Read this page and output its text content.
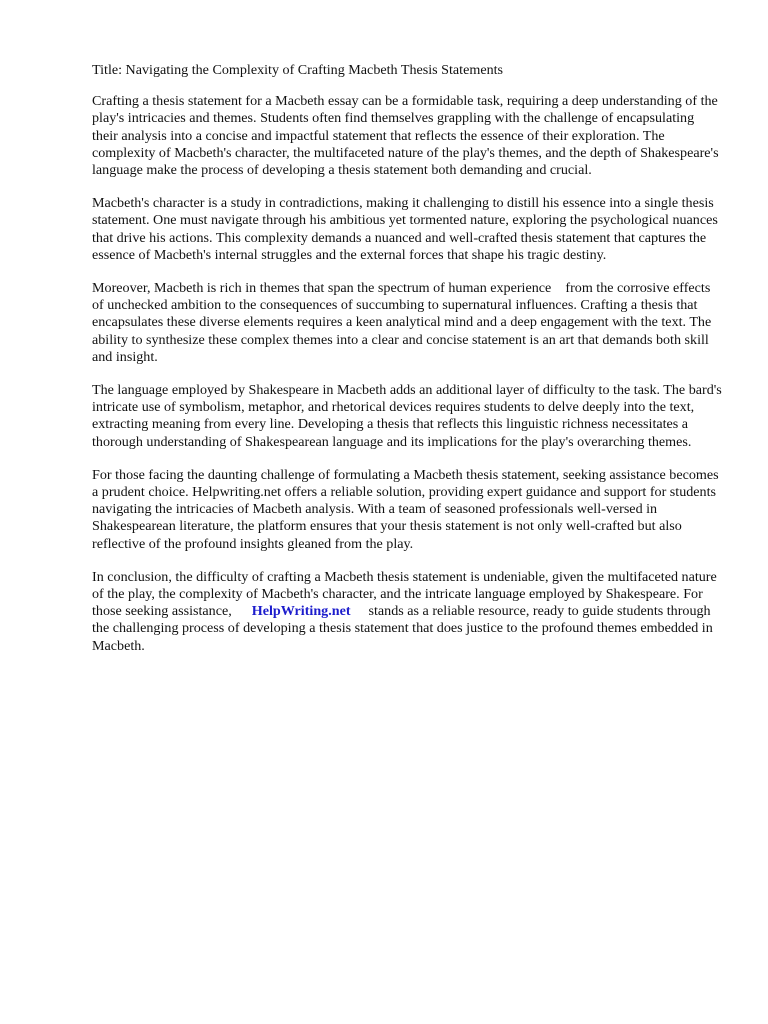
Title: Navigating the Complexity of Crafting Macbeth Thesis Statements

Crafting a thesis statement for a Macbeth essay can be a formidable task, requiring a deep understanding of the play's intricacies and themes. Students often find themselves grappling with the challenge of encapsulating their analysis into a concise and impactful statement that reflects the essence of their exploration. The complexity of Macbeth's character, the multifaceted nature of the play's themes, and the depth of Shakespeare's language make the process of developing a thesis statement both demanding and crucial.

Macbeth's character is a study in contradictions, making it challenging to distill his essence into a single thesis statement. One must navigate through his ambitious yet tormented nature, exploring the psychological nuances that drive his actions. This complexity demands a nuanced and well-crafted thesis statement that captures the essence of Macbeth's internal struggles and the external forces that shape his tragic destiny.

Moreover, Macbeth is rich in themes that span the spectrum of human experience    from the corrosive effects of unchecked ambition to the consequences of succumbing to supernatural influences. Crafting a thesis that encapsulates these diverse elements requires a keen analytical mind and a deep engagement with the text. The ability to synthesize these complex themes into a clear and concise statement is an art that demands both skill and insight.

The language employed by Shakespeare in Macbeth adds an additional layer of difficulty to the task. The bard's intricate use of symbolism, metaphor, and rhetorical devices requires students to delve deeply into the text, extracting meaning from every line. Developing a thesis that reflects this linguistic richness necessitates a thorough understanding of Shakespearean language and its implications for the play's overarching themes.

For those facing the daunting challenge of formulating a Macbeth thesis statement, seeking assistance becomes a prudent choice. Helpwriting.net offers a reliable solution, providing expert guidance and support for students navigating the intricacies of Macbeth analysis. With a team of seasoned professionals well-versed in Shakespearean literature, the platform ensures that your thesis statement is not only well-crafted but also reflective of the profound insights gleaned from the play.

In conclusion, the difficulty of crafting a Macbeth thesis statement is undeniable, given the multifaceted nature of the play, the complexity of Macbeth's character, and the intricate language employed by Shakespeare. For those seeking assistance, HelpWriting.net stands as a reliable resource, ready to guide students through the challenging process of developing a thesis statement that does justice to the profound themes embedded in Macbeth.
